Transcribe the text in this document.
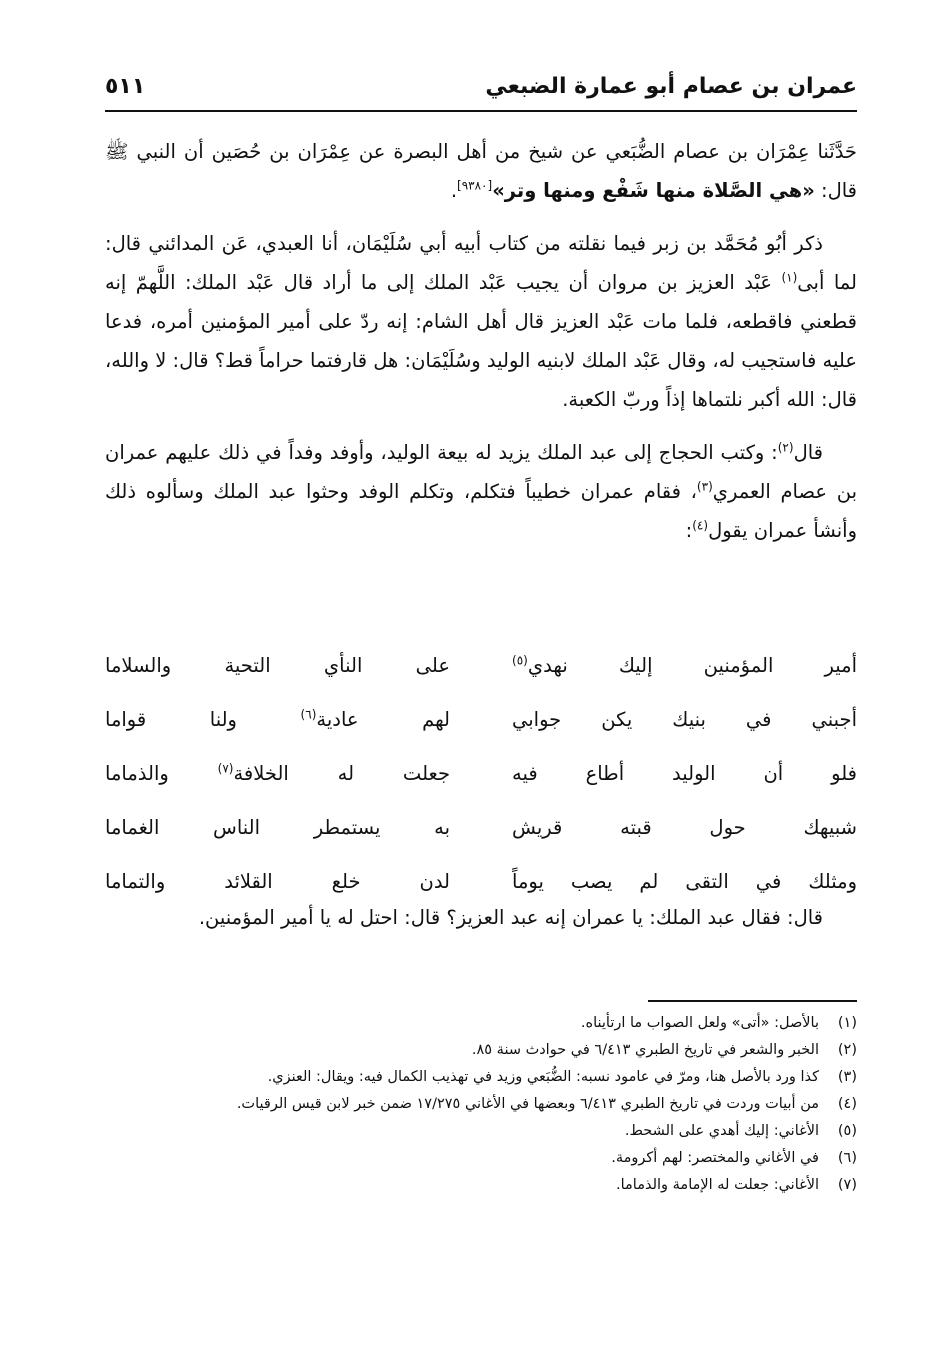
عمران بن عصام أبو عمارة الضبعي
٥١١

حَدَّثَنا عِمْرَان بن عصام الضُّبَعي عن شيخ من أهل البصرة عن عِمْرَان بن حُصَين أن النبي ﷺ قال: «هي الصَّلاة منها شَفْع ومنها وتر»[٩٣٨٠].

ذكر أبُو مُحَمَّد بن زبر فيما نقلته من كتاب أبيه أبي سُلَيْمَان، أنا العبدي، عَن المدائني قال: لما أبى$^{(١)}$ عَبْد العزيز بن مروان أن يجيب عَبْد الملك إلى ما أراد قال عَبْد الملك: اللَّهمّ إنه قطعني فاقطعه، فلما مات عَبْد العزيز قال أهل الشام: إنه ردّ على أمير المؤمنين أمره، فدعا عليه فاستجيب له، وقال عَبْد الملك لابنيه الوليد وسُلَيْمَان: هل قارفتما حراماً قط؟ قال: لا والله، قال: الله أكبر نلتماها إذاً وربّ الكعبة.

قال$^{(٢)}$: وكتب الحجاج إلى عبد الملك يزيد له بيعة الوليد، وأوفد وفداً في ذلك عليهم عمران بن عصام العمري$^{(٣)}$، فقام عمران خطيباً فتكلم، وتكلم الوفد وحثوا عبد الملك وسألوه ذلك وأنشأ عمران يقول$^{(٤)}$:

أمير المؤمنين إليك نهدي$^{(٥)}$
على النأي التحية والسلاما
أجبني في بنيك يكن جوابي
لهم عادية$^{(٦)}$ ولنا قواما
فلو أن الوليد أطاع فيه
جعلت له الخلافة$^{(٧)}$ والذماما
شبيهك حول قبته قريش
به يستمطر الناس الغماما
ومثلك في التقى لم يصب يوماً
لدن خلع القلائد والتماما

قال: فقال عبد الملك: يا عمران إنه عبد العزيز؟ قال: احتل له يا أمير المؤمنين.

(١)
بالأصل: «أتى» ولعل الصواب ما ارتأيناه.
(٢)
الخبر والشعر في تاريخ الطبري ٦/٤١٣ في حوادث سنة ٨٥.
(٣)
كذا ورد بالأصل هنا، ومرّ في عامود نسبه: الضُّبَعي وزيد في تهذيب الكمال فيه: ويقال: العنزي.
(٤)
من أبيات وردت في تاريخ الطبري ٦/٤١٣ وبعضها في الأغاني ١٧/٢٧٥ ضمن خبر لابن قيس الرقيات.
(٥)
الأغاني: إليك أهدي على الشحط.
(٦)
في الأغاني والمختصر: لهم أكرومة.
(٧)
الأغاني: جعلت له الإمامة والذماما.
